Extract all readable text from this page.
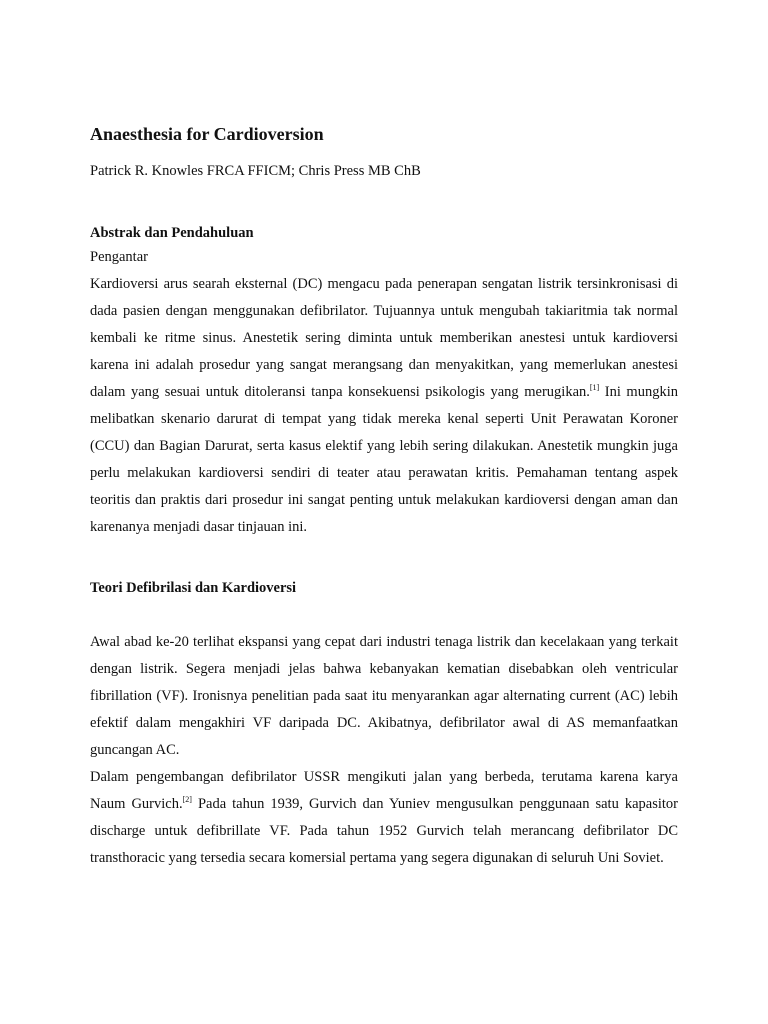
Anaesthesia for Cardioversion

Patrick R. Knowles FRCA FFICM; Chris Press MB ChB

Abstrak dan Pendahuluan

Pengantar

Kardioversi arus searah eksternal (DC) mengacu pada penerapan sengatan listrik tersinkronisasi di dada pasien dengan menggunakan defibrilator. Tujuannya untuk mengubah takiaritmia tak normal kembali ke ritme sinus. Anestetik sering diminta untuk memberikan anestesi untuk kardioversi karena ini adalah prosedur yang sangat merangsang dan menyakitkan, yang memerlukan anestesi dalam yang sesuai untuk ditoleransi tanpa konsekuensi psikologis yang merugikan.[1] Ini mungkin melibatkan skenario darurat di tempat yang tidak mereka kenal seperti Unit Perawatan Koroner (CCU) dan Bagian Darurat, serta kasus elektif yang lebih sering dilakukan. Anestetik mungkin juga perlu melakukan kardioversi sendiri di teater atau perawatan kritis. Pemahaman tentang aspek teoritis dan praktis dari prosedur ini sangat penting untuk melakukan kardioversi dengan aman dan karenanya menjadi dasar tinjauan ini.

Teori Defibrilasi dan Kardioversi

Awal abad ke-20 terlihat ekspansi yang cepat dari industri tenaga listrik dan kecelakaan yang terkait dengan listrik. Segera menjadi jelas bahwa kebanyakan kematian disebabkan oleh ventricular fibrillation (VF). Ironisnya penelitian pada saat itu menyarankan agar alternating current (AC) lebih efektif dalam mengakhiri VF daripada DC. Akibatnya, defibrilator awal di AS memanfaatkan guncangan AC.

Dalam pengembangan defibrilator USSR mengikuti jalan yang berbeda, terutama karena karya Naum Gurvich.[2] Pada tahun 1939, Gurvich dan Yuniev mengusulkan penggunaan satu kapasitor discharge untuk defibrillate VF. Pada tahun 1952 Gurvich telah merancang defibrilator DC transthoracic yang tersedia secara komersial pertama yang segera digunakan di seluruh Uni Soviet.
